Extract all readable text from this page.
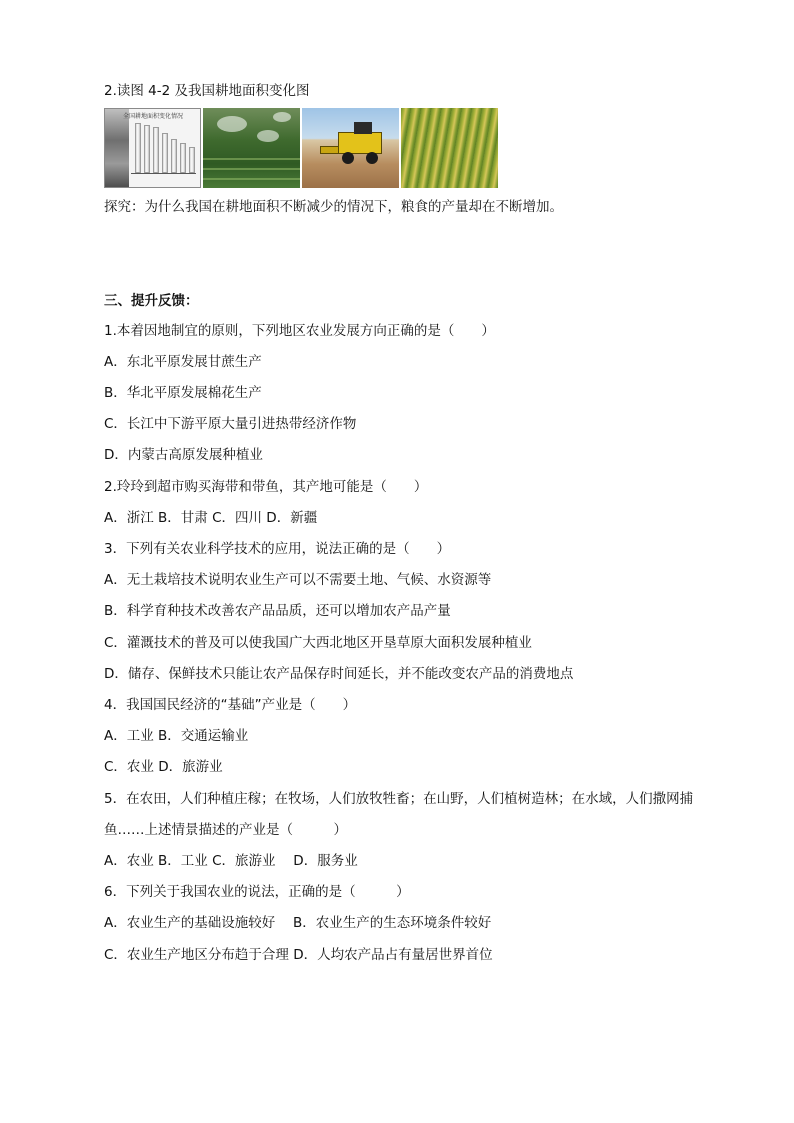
2.读图 4-2 及我国耕地面积变化图
全国耕地面积变化情况
探究：为什么我国在耕地面积不断减少的情况下，粮食的产量却在不断增加。
三、提升反馈：
1.本着因地制宜的原则，下列地区农业发展方向正确的是（　　）
A．东北平原发展甘蔗生产
B．华北平原发展棉花生产
C．长江中下游平原大量引进热带经济作物
D．内蒙古高原发展种植业
2.玲玲到超市购买海带和带鱼，其产地可能是（　　）
A．浙江 B．甘肃 C．四川 D．新疆
3．下列有关农业科学技术的应用，说法正确的是（　　）
A．无土栽培技术说明农业生产可以不需要土地、气候、水资源等
B．科学育种技术改善农产品品质，还可以增加农产品产量
C．灌溉技术的普及可以使我国广大西北地区开垦草原大面积发展种植业
D．储存、保鲜技术只能让农产品保存时间延长，并不能改变农产品的消费地点
4．我国国民经济的“基础”产业是（　　）
A．工业 B．交通运输业
C．农业 D．旅游业
5．在农田，人们种植庄稼；在牧场，人们放牧牲畜；在山野，人们植树造林；在水域，人们撒网捕
鱼……上述情景描述的产业是（　　　）
A．农业 B．工业 C．旅游业　 D．服务业
6．下列关于我国农业的说法，正确的是（　　　）
A．农业生产的基础设施较好　 B．农业生产的生态环境条件较好
C．农业生产地区分布趋于合理 D．人均农产品占有量居世界首位
